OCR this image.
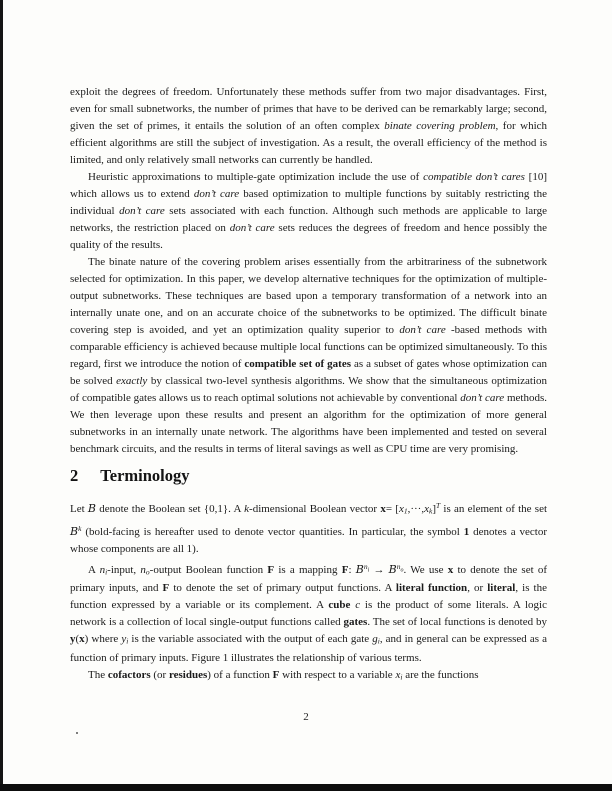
exploit the degrees of freedom. Unfortunately these methods suffer from two major disadvantages. First, even for small subnetworks, the number of primes that have to be derived can be remarkably large; second, given the set of primes, it entails the solution of an often complex binate covering problem, for which efficient algorithms are still the subject of investigation. As a result, the overall efficiency of the method is limited, and only relatively small networks can currently be handled.

Heuristic approximations to multiple-gate optimization include the use of compatible don’t cares [10] which allows us to extend don’t care based optimization to multiple functions by suitably restricting the individual don’t care sets associated with each function. Although such methods are applicable to large networks, the restriction placed on don’t care sets reduces the degrees of freedom and hence possibly the quality of the results.

The binate nature of the covering problem arises essentially from the arbitrariness of the subnetwork selected for optimization. In this paper, we develop alternative techniques for the optimization of multiple-output subnetworks. These techniques are based upon a temporary transformation of a network into an internally unate one, and on an accurate choice of the subnetworks to be optimized. The difficult binate covering step is avoided, and yet an optimization quality superior to don’t care -based methods with comparable efficiency is achieved because multiple local functions can be optimized simultaneously. To this regard, first we introduce the notion of compatible set of gates as a subset of gates whose optimization can be solved exactly by classical two-level synthesis algorithms. We show that the simultaneous optimization of compatible gates allows us to reach optimal solutions not achievable by conventional don’t care methods. We then leverage upon these results and present an algorithm for the optimization of more general subnetworks in an internally unate network. The algorithms have been implemented and tested on several benchmark circuits, and the results in terms of literal savings as well as CPU time are very promising.

2 Terminology

Let B denote the Boolean set {0,1}. A k-dimensional Boolean vector $x= [x_1,\cdot\cdot\cdot,x_k]^T$ is an element of the set $B^k$ (bold-facing is hereafter used to denote vector quantities. In particular, the symbol 1 denotes a vector whose components are all 1).

A $n_i$-input, $n_o$-output Boolean function F is a mapping F: $B^ni \to B^no$. We use x to denote the set of primary inputs, and F to denote the set of primary output functions. A literal function, or literal, is the function expressed by a variable or its complement. A cube c is the product of some literals. A logic network is a collection of local single-output functions called gates. The set of local functions is denoted by y(x) where $y_i$ is the variable associated with the output of each gate $g_i$, and in general can be expressed as a function of primary inputs. Figure 1 illustrates the relationship of various terms.

The cofactors (or residues) of a function F with respect to a variable $x_i$ are the functions

2
